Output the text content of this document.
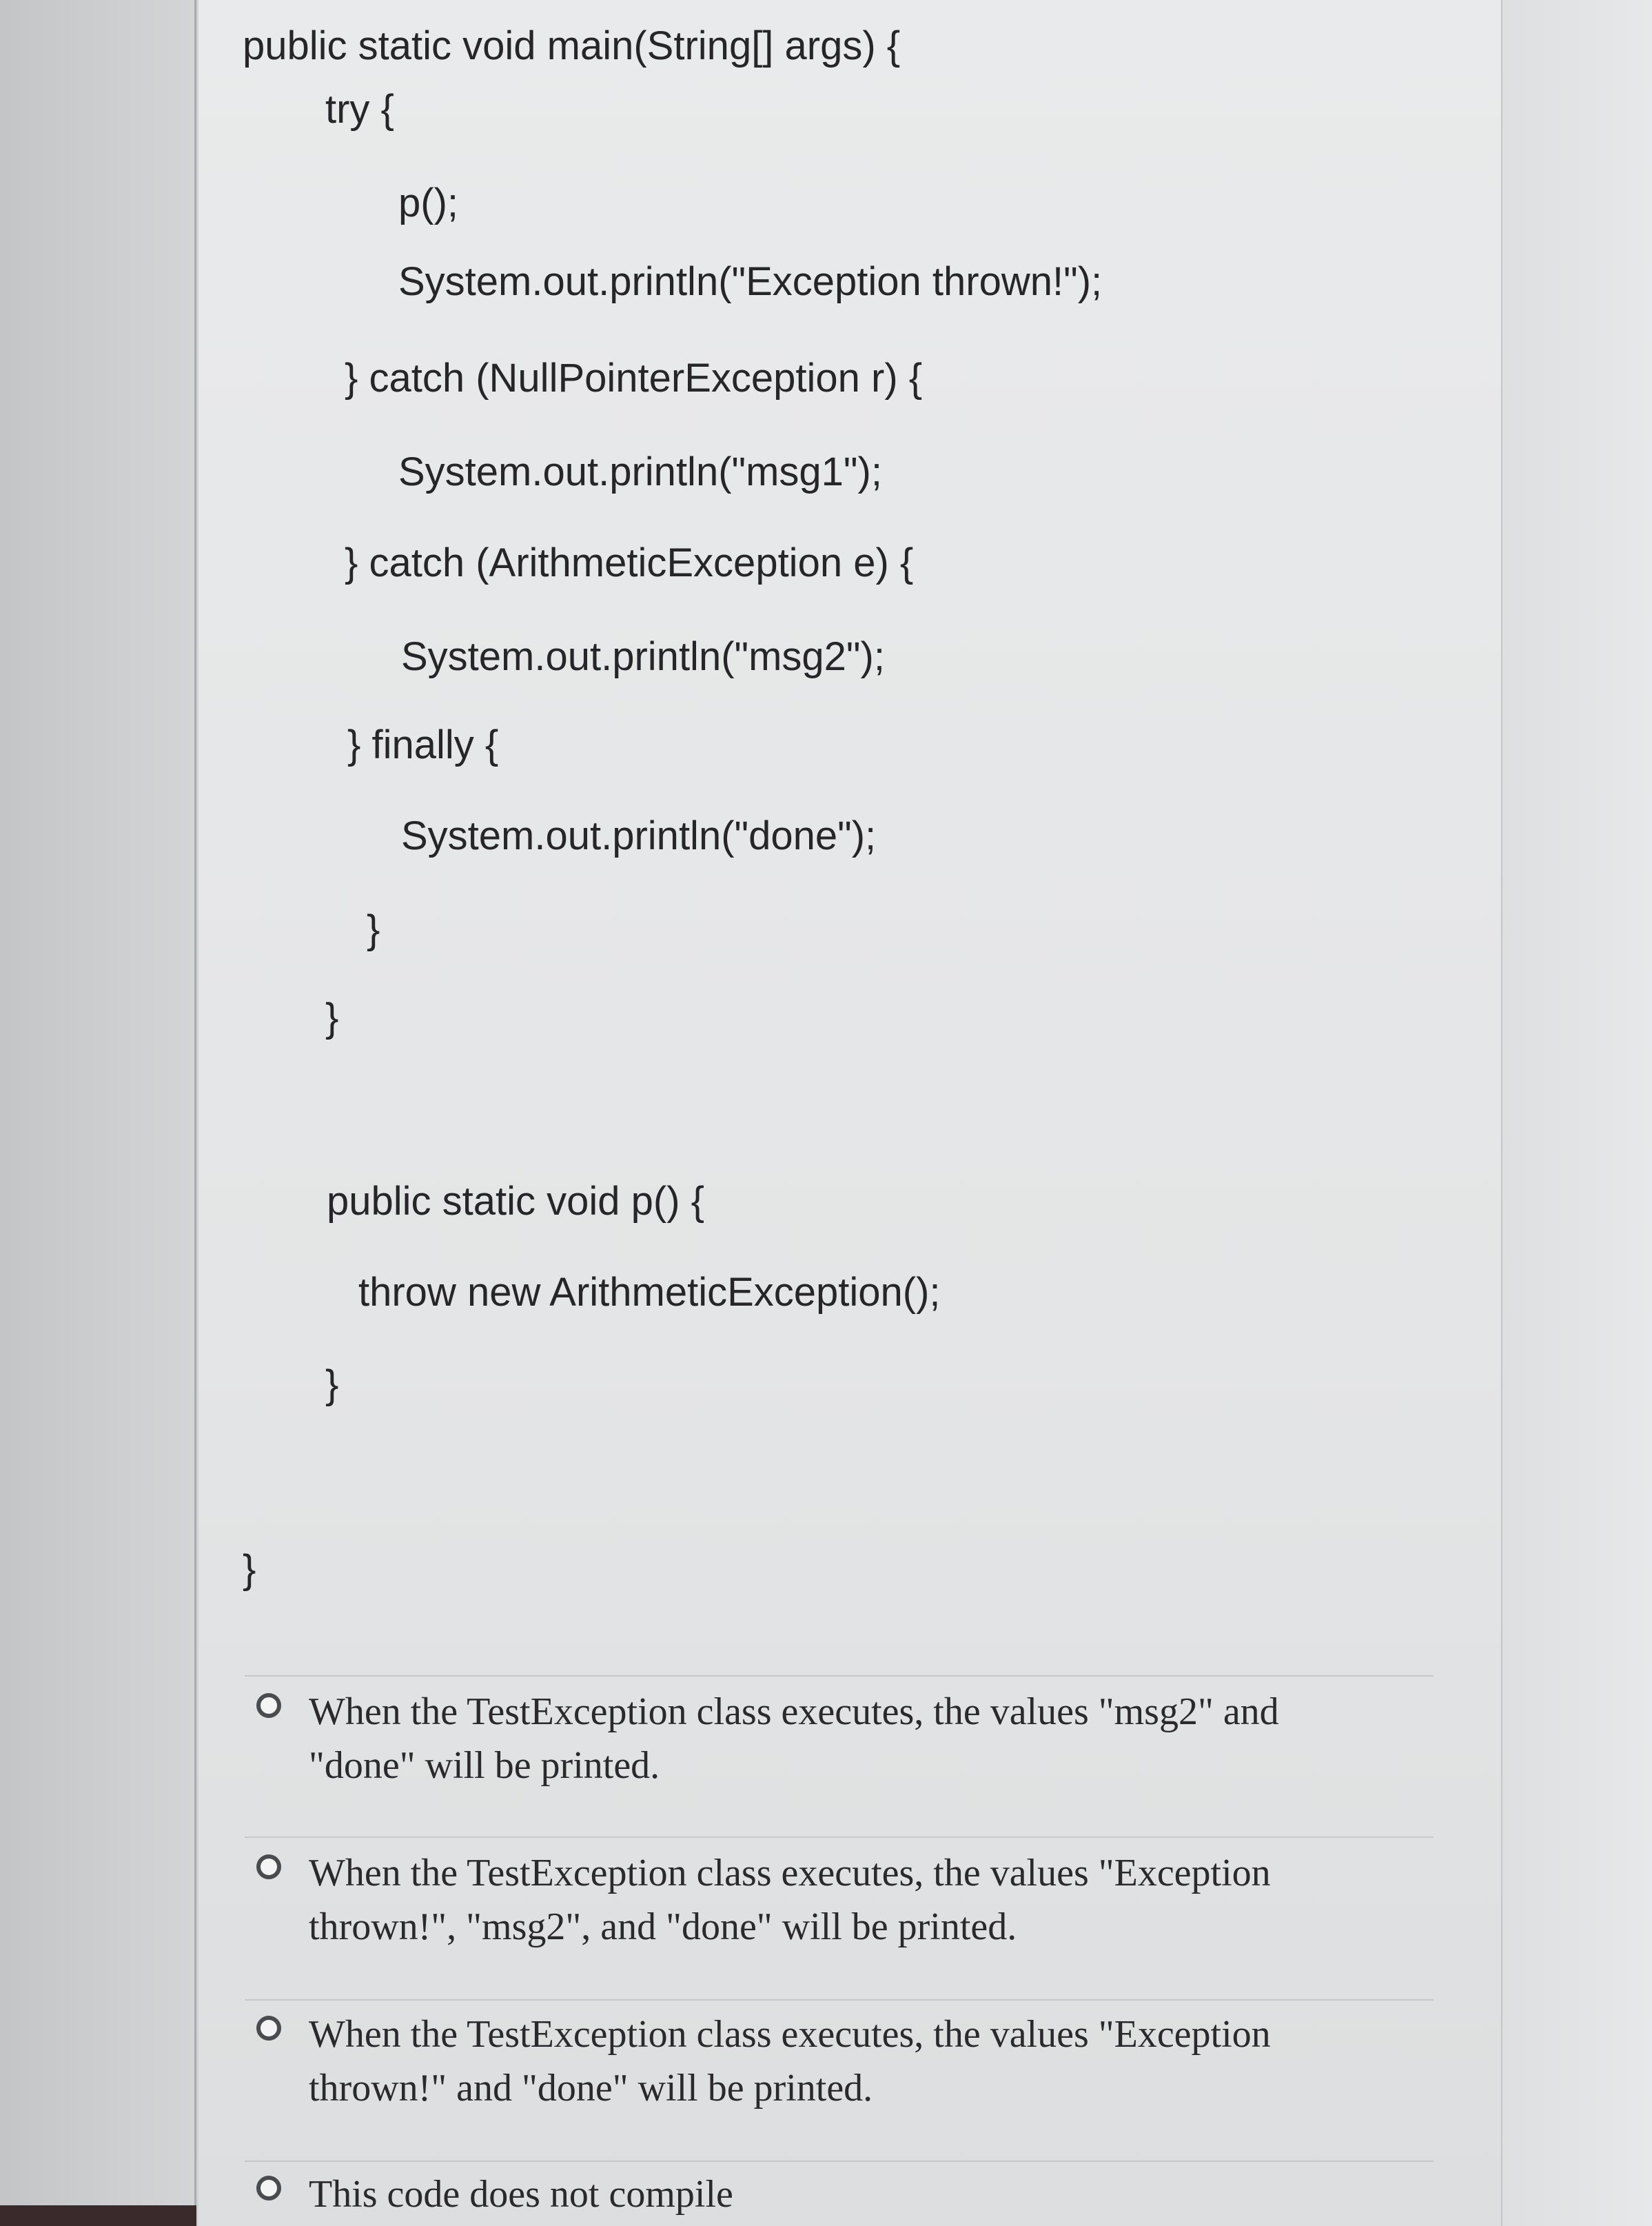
public static void main(String[] args) {
try {
p();
System.out.println("Exception thrown!");
} catch (NullPointerException r) {
System.out.println("msg1");
} catch (ArithmeticException e) {
System.out.println("msg2");
} finally {
System.out.println("done");
}
}
public static void p() {
throw new ArithmeticException();
}
}
When the TestException class executes, the values "msg2" and "done" will be printed.
When the TestException class executes, the values "Exception thrown!", "msg2", and "done" will be printed.
When the TestException class executes, the values "Exception thrown!" and "done" will be printed.
This code does not compile
